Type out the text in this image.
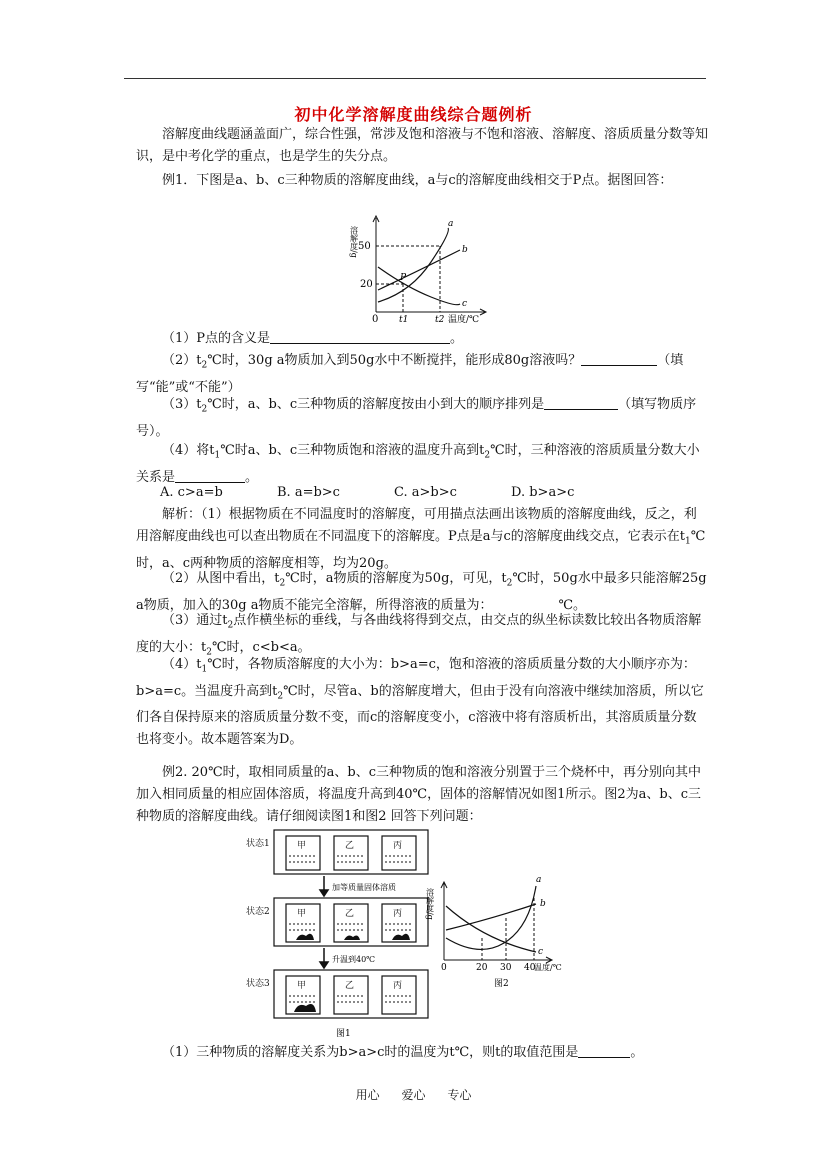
初中化学溶解度曲线综合题例析

溶解度曲线题涵盖面广，综合性强，常涉及饱和溶液与不饱和溶液、溶解度、溶质质量分数等知识，是中考化学的重点，也是学生的失分点。

例1．下图是a、b、c三种物质的溶解度曲线，a与c的溶解度曲线相交于P点。据图回答：

溶解度/g 50
20
0 t1	t2 温度/℃
a
b
c
P

（1）P点的含义是	。

$(2)t_2℃$时，30g a物质加入到50g水中不断搅拌，能形成80g溶液吗？	（填写“能”或“不能”）

$(3)t_2℃$时，a、b、c三种物质的溶解度按由小到大的顺序排列是	（填写物质序号）。

（4）将$t_1℃$时a、b、c三种物质饱和溶液的温度升高到$t_2℃$时，三种溶液的溶质质量分数大小关系是	。

A. c>a=b	B. a=b>c	C. a>b>c	D. b>a>c

解析：（1）根据物质在不同温度时的溶解度，可用描点法画出该物质的溶解度曲线，反之，利用溶解度曲线也可以查出物质在不同温度下的溶解度。P点是a与c的溶解度曲线交点，它表示在$t_1℃$时，a、c两种物质的溶解度相等，均为20g。

（2）从图中看出，$t_2℃$时，a物质的溶解度为50g，可见，$t_2℃$时，50g水中最多只能溶解25g a物质，加入的30g a物质不能完全溶解，所得溶液的质量为：	℃。

（3）通过$t_2$点作横坐标的垂线，与各曲线将得到交点，由交点的纵坐标读数比较出各物质溶解度的大小：$t_2℃$时，c<b<a。

$(4)t_1℃$时，各物质溶解度的大小为：b>a=c，饱和溶液的溶质质量分数的大小顺序亦为：b>a=c。当温度升高到$t_2℃$时，尽管a、b的溶解度增大，但由于没有向溶液中继续加溶质，所以它们各自保持原来的溶质质量分数不变，而c的溶解度变小，c溶液中将有溶质析出，其溶质质量分数也将变小。故本题答案为D。

例2. 20℃时，取相同质量的a、b、c三种物质的饱和溶液分别置于三个烧杯中，再分别向其中加入相同质量的相应固体溶质，将温度升高到40℃，固体的溶解情况如图1所示。图2为a、b、c三种物质的溶解度曲线。请仔细阅读图1和图2 回答下列问题：

状态1
状态2
状态3
甲	乙	丙
甲	乙	丙
甲	乙	丙
加等质量固体溶质
升温到40℃
图1
溶解度/g
0	20 30 40
温度/℃
a
b
c
图2

（1）三种物质的溶解度关系为b>a>c时的温度为t℃，则t的取值范围是	。

用心 爱心 专心
